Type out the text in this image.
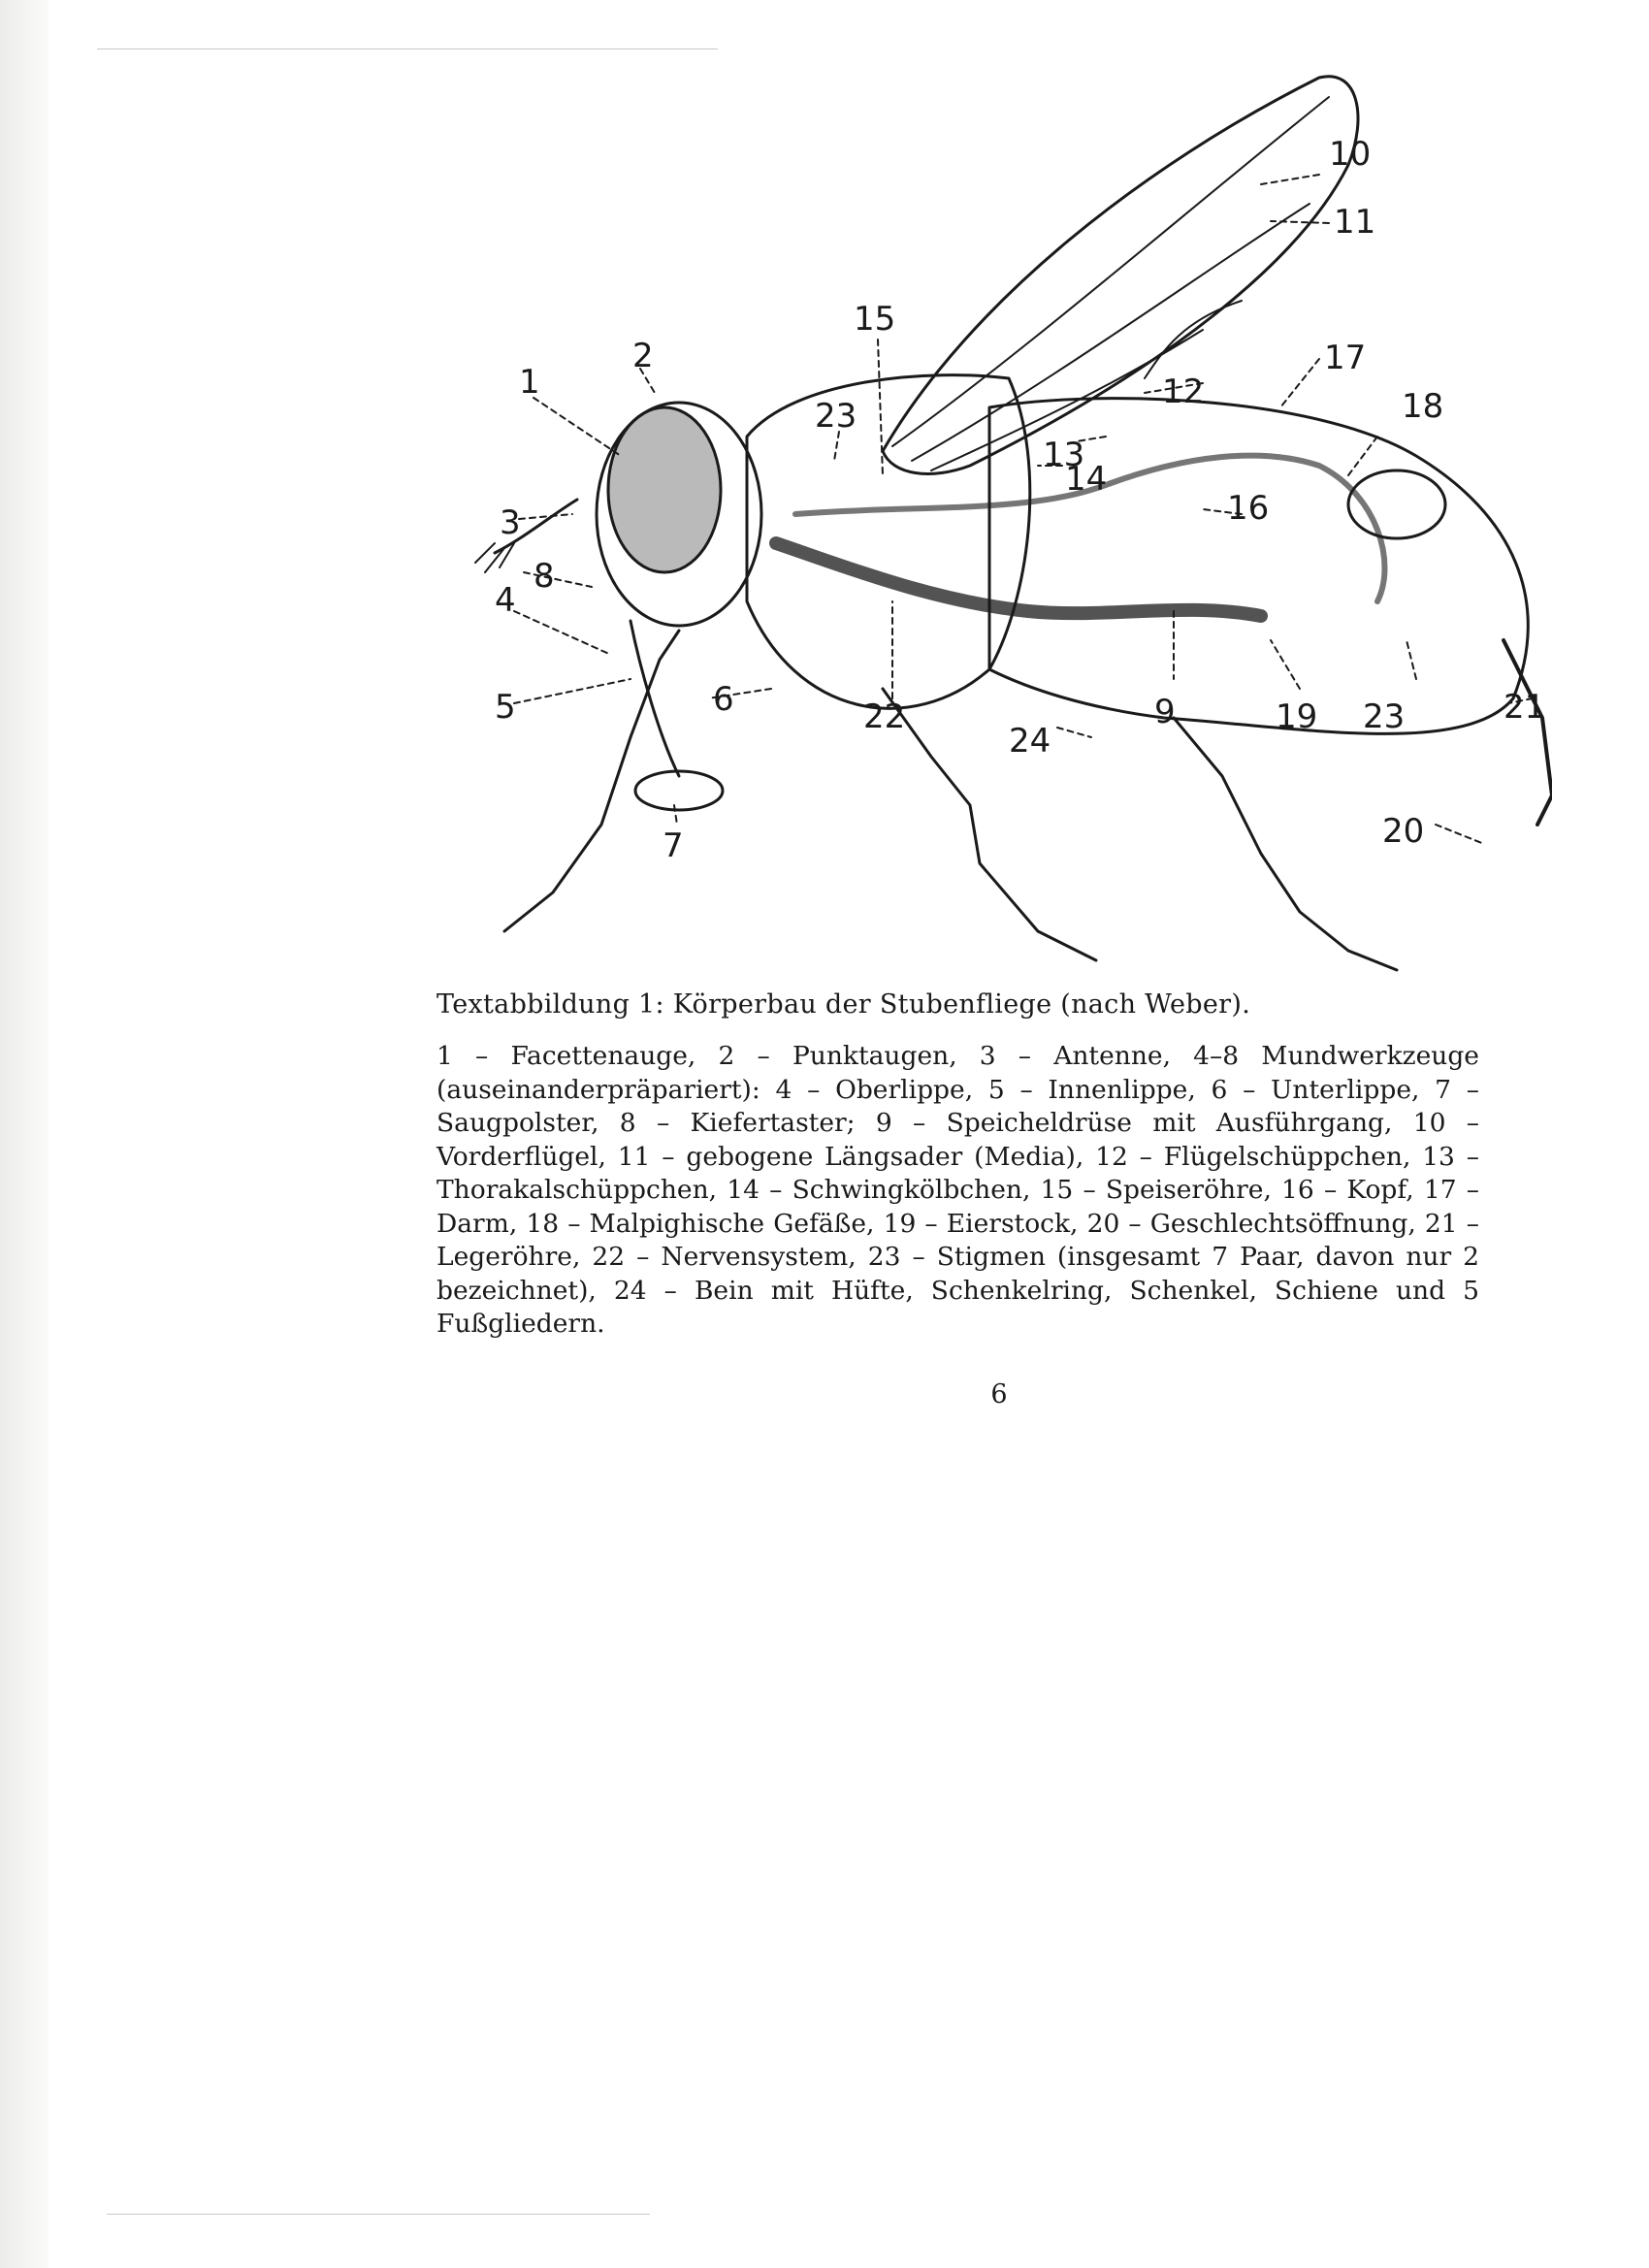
1
2
3
4
5	6
7
8
9
10
11
12
13
14
15
16
17
18
19
20
21
22
23
23
24
Textabbildung 1: Körperbau der Stubenfliege (nach Weber).
1 – Facettenauge, 2 – Punktaugen, 3 – Antenne, 4–8 Mundwerkzeuge (auseinanderpräpariert): 4 – Oberlippe, 5 – Innenlippe, 6 – Unterlippe, 7 – Saugpolster, 8 – Kiefertaster; 9 – Speicheldrüse mit Ausführgang, 10 – Vorderflügel, 11 – gebogene Längsader (Media), 12 – Flügelschüppchen, 13 – Thorakalschüppchen, 14 – Schwingkölbchen, 15 – Speiseröhre, 16 – Kopf, 17 – Darm, 18 – Malpighische Gefäße, 19 – Eierstock, 20 – Geschlechtsöffnung, 21 – Legeröhre, 22 – Nervensystem, 23 – Stigmen (insgesamt 7 Paar, davon nur 2 bezeichnet), 24 – Bein mit Hüfte, Schenkelring, Schenkel, Schiene und 5 Fußgliedern.
6
